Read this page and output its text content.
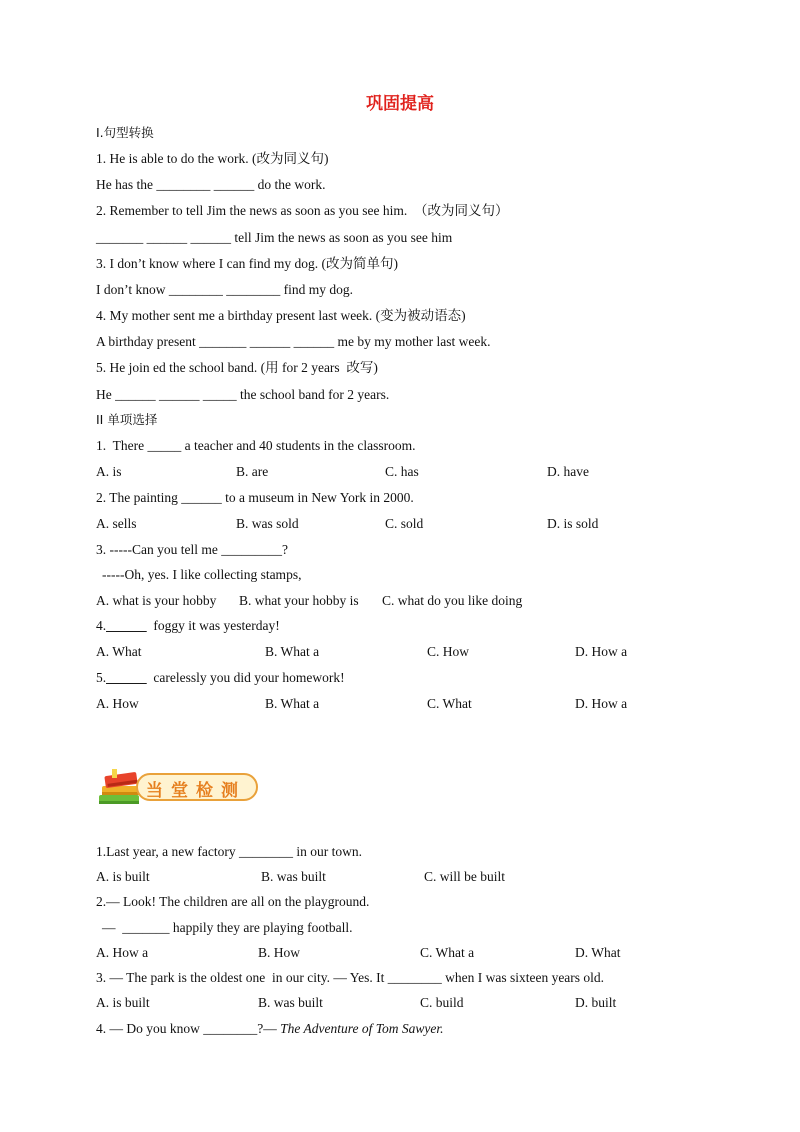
巩固提高
I.句型转换
1. He is able to do the work. (改为同义句)
He has the ________ ______ do the work.
2. Remember to tell Jim the news as soon as you see him.  （改为同义句）
_______ ______ ______ tell Jim the news as soon as you see him
3. I don’t know where I can find my dog. (改为简单句)
I don’t know ________ ________ find my dog.
4. My mother sent me a birthday present last week. (变为被动语态)
A birthday present _______ ______ ______ me by my mother last week.
5. He join ed the school band. (用 for 2 years  改写)
He ______ ______ _____ the school band for 2 years.
II 单项选择
1.  There _____ a teacher and 40 students in the classroom.
A. is	B. are	C. has	D. have
2. The painting ______ to a museum in New York in 2000.
A. sells	B. was sold	C. sold	D. is sold
3. -----Can you tell me _________?
-----Oh, yes. I like collecting stamps,
A. what is your hobby B. what your hobby is C. what do you like doing
4.______  foggy it was yesterday!
A. What	B. What a	C. How	D. How a
5.______  carelessly you did your homework!
A. How	B. What a	C. What	D. How a
当堂检测
1.Last year, a new factory ________ in our town.
A. is built	B. was built	C. will be built
2.— Look! The children are all on the playground.
—  _______ happily they are playing football.
A. How a	B. How	C. What a	D. What
3. — The park is the oldest one  in our city. — Yes. It ________ when I was sixteen years old.
A. is built	B. was built	C. build	D. built
4. — Do you know ________?— The Adventure of Tom Sawyer.
